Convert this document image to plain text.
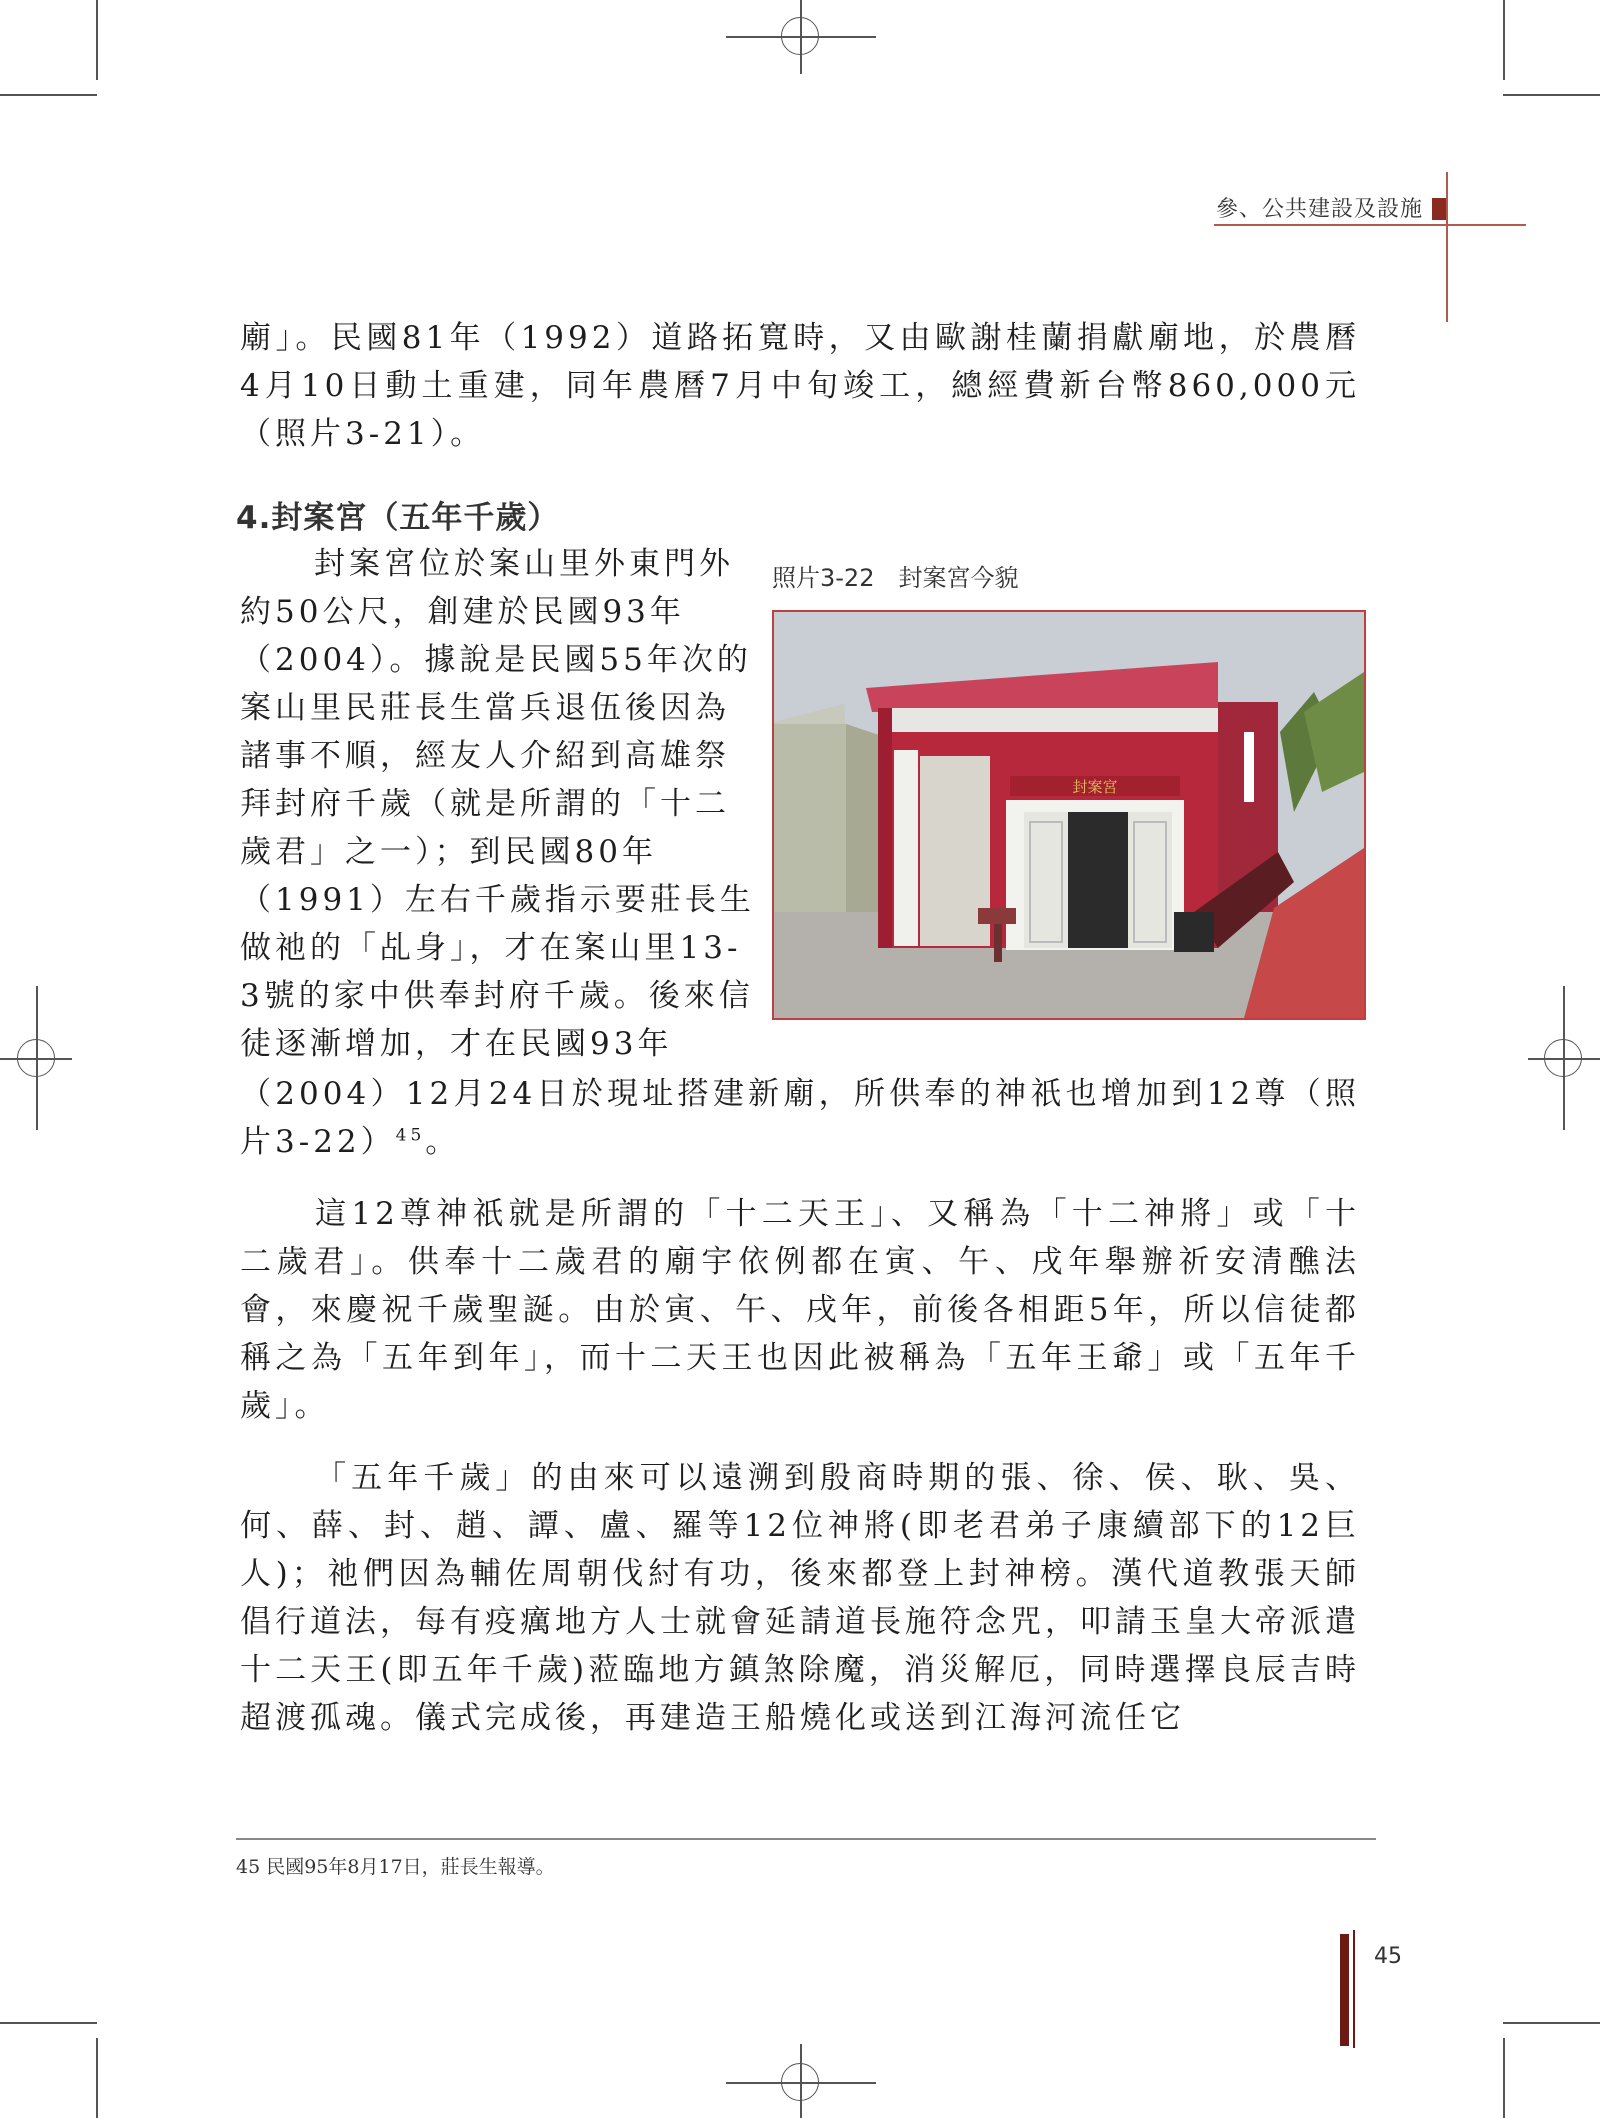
參、公共建設及設施

廟」。民國81年（1992）道路拓寬時，又由歐謝桂蘭捐獻廟地，於農曆4月10日動土重建，同年農曆7月中旬竣工，總經費新台幣860,000元（照片3-21）。

4.封案宮（五年千歲）

封案宮位於案山里外東門外約50公尺，創建於民國93年（2004）。據說是民國55年次的案山里民莊長生當兵退伍後因為諸事不順，經友人介紹到高雄祭拜封府千歲（就是所謂的「十二歲君」之一）；到民國80年（1991）左右千歲指示要莊長生做祂的「乩身」，才在案山里13-3號的家中供奉封府千歲。後來信徒逐漸增加，才在民國93年

（2004）12月24日於現址搭建新廟，所供奉的神祇也增加到12尊（照片3-22）$^{45}$。

這12尊神祇就是所謂的「十二天王」、又稱為「十二神將」或「十二歲君」。供奉十二歲君的廟宇依例都在寅、午、戌年舉辦祈安清醮法會，來慶祝千歲聖誕。由於寅、午、戌年，前後各相距5年，所以信徒都稱之為「五年到年」，而十二天王也因此被稱為「五年王爺」或「五年千歲」。

「五年千歲」的由來可以遠溯到殷商時期的張、徐、侯、耿、吳、何、薛、封、趙、譚、盧、羅等12位神將(即老君弟子康續部下的12巨人)；祂們因為輔佐周朝伐紂有功，後來都登上封神榜。漢代道教張天師倡行道法，每有疫癘地方人士就會延請道長施符念咒，叩請玉皇大帝派遣十二天王(即五年千歲)蒞臨地方鎮煞除魔，消災解厄，同時選擇良辰吉時超渡孤魂。儀式完成後，再建造王船燒化或送到江海河流任它

照片3-22　封案宮今貌
封案宮
45 民國95年8月17日，莊長生報導。
45
